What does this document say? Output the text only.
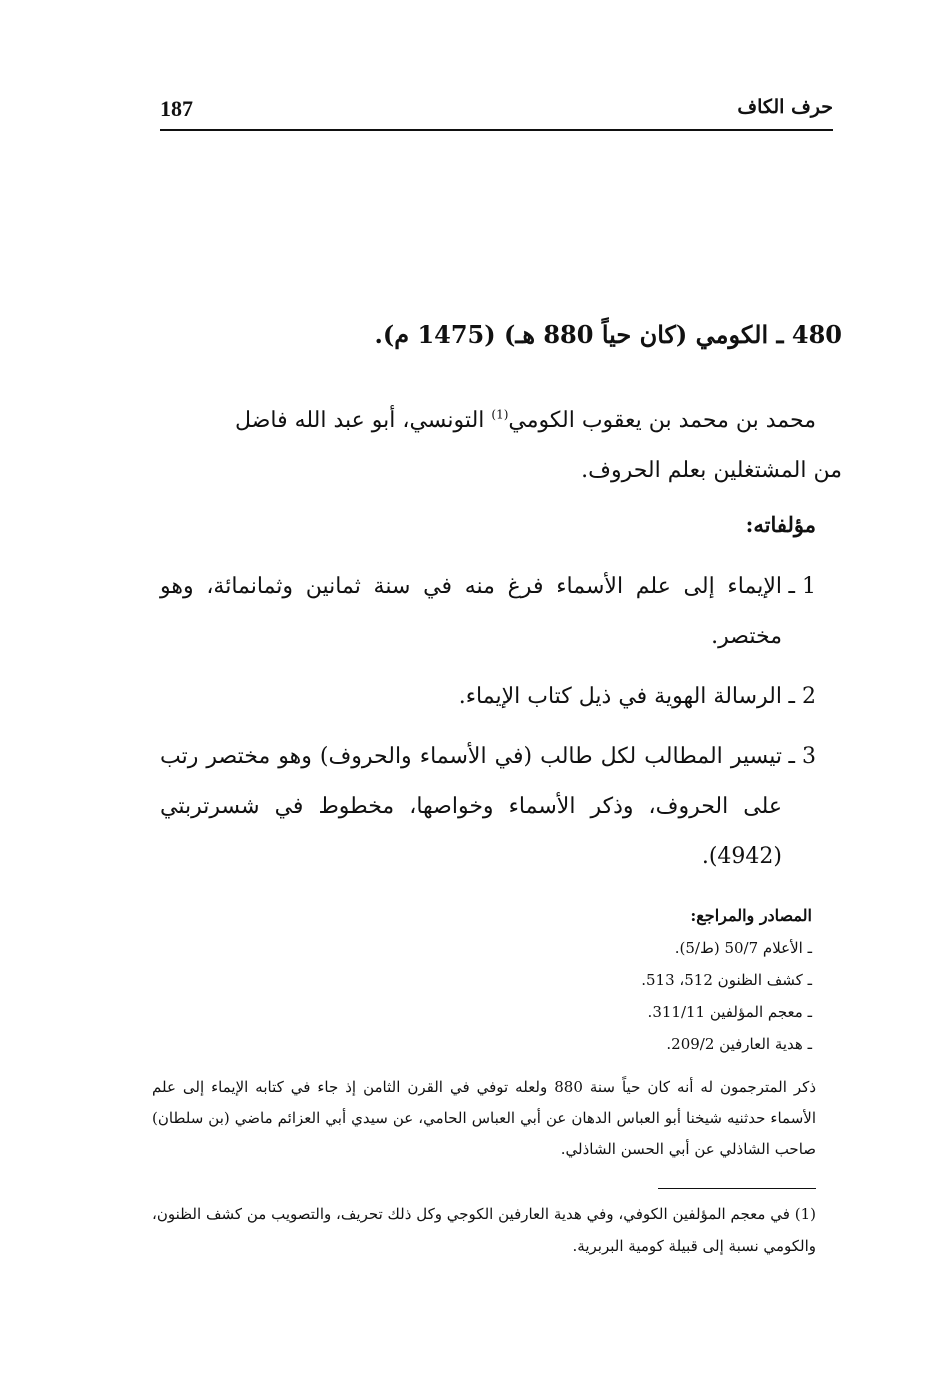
187	حرف الكاف
480 ـ الكومي (كان حياً 880 هـ) (1475 م).
محمد بن محمد بن يعقوب الكومي$^{(1)}$ التونسي، أبو عبد الله فاضل
من المشتغلين بعلم الحروف.
مؤلفاته:
1 ـ
الإيماء إلى علم الأسماء فرغ منه في سنة ثمانين وثمانمائة، وهو مختصر.
2 ـ
الرسالة الهوية في ذيل كتاب الإيماء.
3 ـ
تيسير المطالب لكل طالب (في الأسماء والحروف) وهو مختصر رتب على الحروف، وذكر الأسماء وخواصها، مخطوط في شسرتربتي (4942).
المصادر والمراجع:
ـ الأعلام 50/7 (ط/5).
ـ كشف الظنون 512، 513.
ـ معجم المؤلفين 311/11.
ـ هدية العارفين 209/2.
ذكر المترجمون له أنه كان حياً سنة 880 ولعله توفي في القرن الثامن إذ جاء في كتابه الإيماء إلى علم الأسماء حدثنيه شيخنا أبو العباس الدهان عن أبي العباس الحامي، عن سيدي أبي العزائم ماضي (بن سلطان) صاحب الشاذلي عن أبي الحسن الشاذلي.
(1) في معجم المؤلفين الكوفي، وفي هدية العارفين الكوجي وكل ذلك تحريف، والتصويب من كشف الظنون، والكومي نسبة إلى قبيلة كومية البربرية.
